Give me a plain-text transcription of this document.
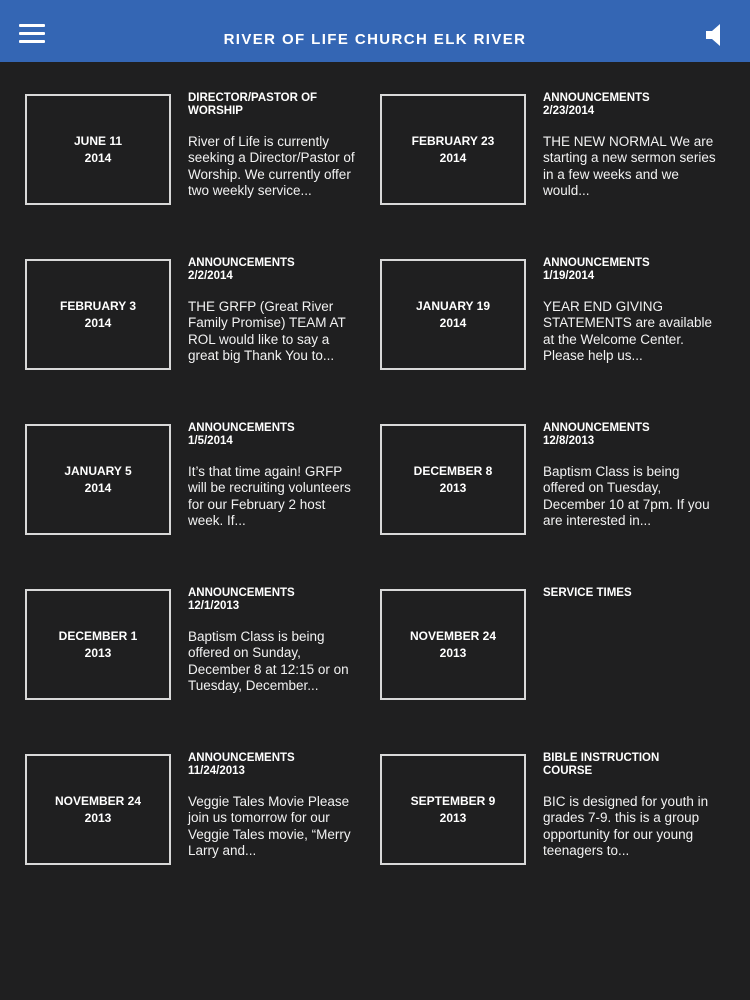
RIVER OF LIFE CHURCH ELK RIVER
JUNE 11
2014
DIRECTOR/PASTOR OF
WORSHIP
River of Life is currently seeking a Director/Pastor of Worship. We currently offer two weekly service...
FEBRUARY 23
2014
ANNOUNCEMENTS
2/23/2014
THE NEW NORMAL We are starting a new sermon series in a few weeks and we would...
FEBRUARY 3
2014
ANNOUNCEMENTS
2/2/2014
THE GRFP (Great River Family Promise) TEAM AT ROL would like to say a great big Thank You to...
JANUARY 19
2014
ANNOUNCEMENTS
1/19/2014
YEAR END GIVING STATEMENTS are available at the Welcome Center. Please help us...
JANUARY 5
2014
ANNOUNCEMENTS
1/5/2014
It’s that time again! GRFP will be recruiting volunteers for our February 2 host week. If...
DECEMBER 8
2013
ANNOUNCEMENTS
12/8/2013
Baptism Class is being offered on Tuesday, December 10 at 7pm. If you are interested in...
DECEMBER 1
2013
ANNOUNCEMENTS
12/1/2013
Baptism Class is being offered on Sunday, December 8 at 12:15 or on Tuesday, December...
NOVEMBER 24
2013
SERVICE TIMES
NOVEMBER 24
2013
ANNOUNCEMENTS
11/24/2013
Veggie Tales Movie Please join us tomorrow for our Veggie Tales movie, “Merry Larry and...
SEPTEMBER 9
2013
BIBLE INSTRUCTION
COURSE
BIC is designed for youth in grades 7-9. this is a group opportunity for our young teenagers to...
